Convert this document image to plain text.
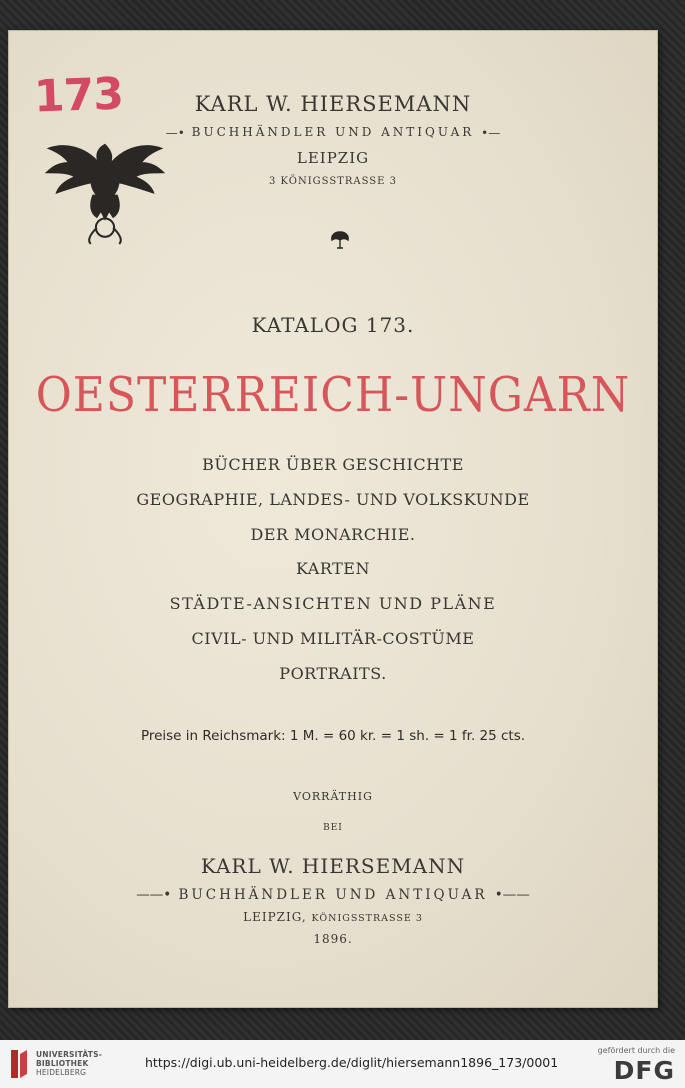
173	KARL W. HIERSEMANN
—• BUCHHÄNDLER UND ANTIQUAR •—
LEIPZIG
3 KÖNIGSSTRASSE 3
KATALOG 173.
OESTERREICH-UNGARN
BÜCHER ÜBER GESCHICHTE
GEOGRAPHIE, LANDES- UND VOLKSKUNDE
DER MONARCHIE.
KARTEN
STÄDTE-ANSICHTEN UND PLÄNE
CIVIL- UND MILITÄR-COSTÜME
PORTRAITS.
Preise in Reichsmark: 1 M. = 60 kr. = 1 sh. = 1 fr. 25 cts.
VORRÄTHIG
BEI
KARL W. HIERSEMANN
——• BUCHHÄNDLER UND ANTIQUAR •——
LEIPZIG, KÖNIGSSTRASSE 3
1896.
UNIVERSITÄTS-
BIBLIOTHEK
HEIDELBERG
https://digi.ub.uni-heidelberg.de/diglit/hiersemann1896_173/0001
gefördert durch die
DFG
